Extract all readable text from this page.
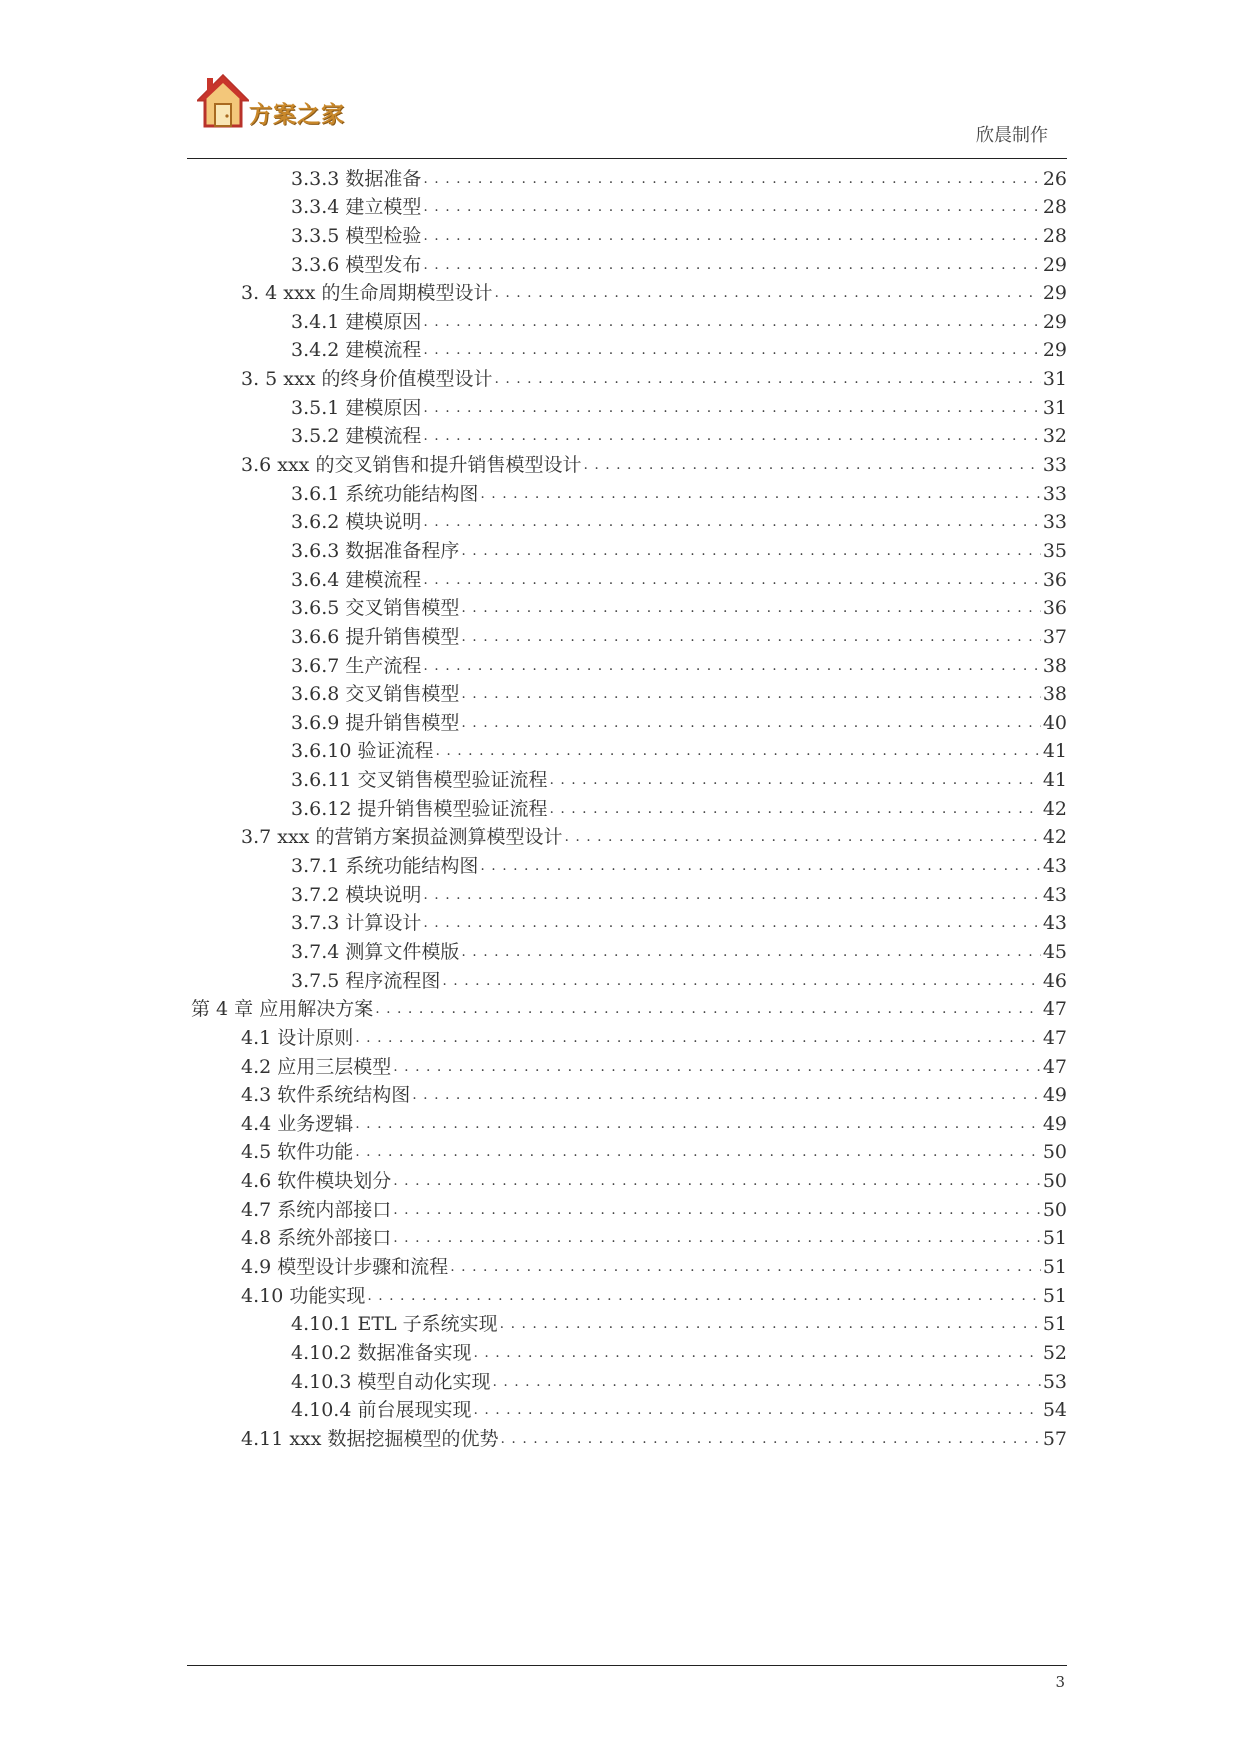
方案之家
欣晨制作
3.3.3 数据准备 . . .	26
3.3.4 建立模型 . . .	28
3.3.5 模型检验 . . .	28
3.3.6 模型发布 . . .	29
3. 4 xxx 的生命周期模型设计 . . .	29
3.4.1 建模原因 . . .	29
3.4.2 建模流程 . . .	29
3. 5 xxx 的终身价值模型设计 . . .	31
3.5.1 建模原因 . . .	31
3.5.2 建模流程 . . .	32
3.6 xxx 的交叉销售和提升销售模型设计 . . .	33
3.6.1 系统功能结构图 . . .	33
3.6.2 模块说明 . . .	33
3.6.3 数据准备程序 . . .	35
3.6.4 建模流程 . . .	36
3.6.5 交叉销售模型 . . .	36
3.6.6 提升销售模型 . . .	37
3.6.7 生产流程 . . .	38
3.6.8 交叉销售模型 . . .	38
3.6.9 提升销售模型 . . .	40
3.6.10 验证流程 . . .	41
3.6.11 交叉销售模型验证流程 . . .	41
3.6.12 提升销售模型验证流程 . . .	42
3.7 xxx 的营销方案损益测算模型设计 . . .	42
3.7.1 系统功能结构图 . . .	43
3.7.2 模块说明 . . .	43
3.7.3 计算设计 . . .	43
3.7.4 测算文件模版 . . .	45
3.7.5 程序流程图 . . .	46
第 4 章 应用解决方案 . . .	47
4.1 设计原则 . . .	47
4.2 应用三层模型 . . .	47
4.3 软件系统结构图 . . .	49
4.4 业务逻辑 . . .	49
4.5 软件功能 . . .	50
4.6 软件模块划分 . . .	50
4.7 系统内部接口 . . .	50
4.8 系统外部接口 . . .	51
4.9 模型设计步骤和流程 . . .	51
4.10 功能实现 . . .	51
4.10.1 ETL 子系统实现 . . .	51
4.10.2 数据准备实现 . . .	52
4.10.3 模型自动化实现 . . .	53
4.10.4 前台展现实现 . . .	54
4.11 xxx 数据挖掘模型的优势 . . .	57
3
